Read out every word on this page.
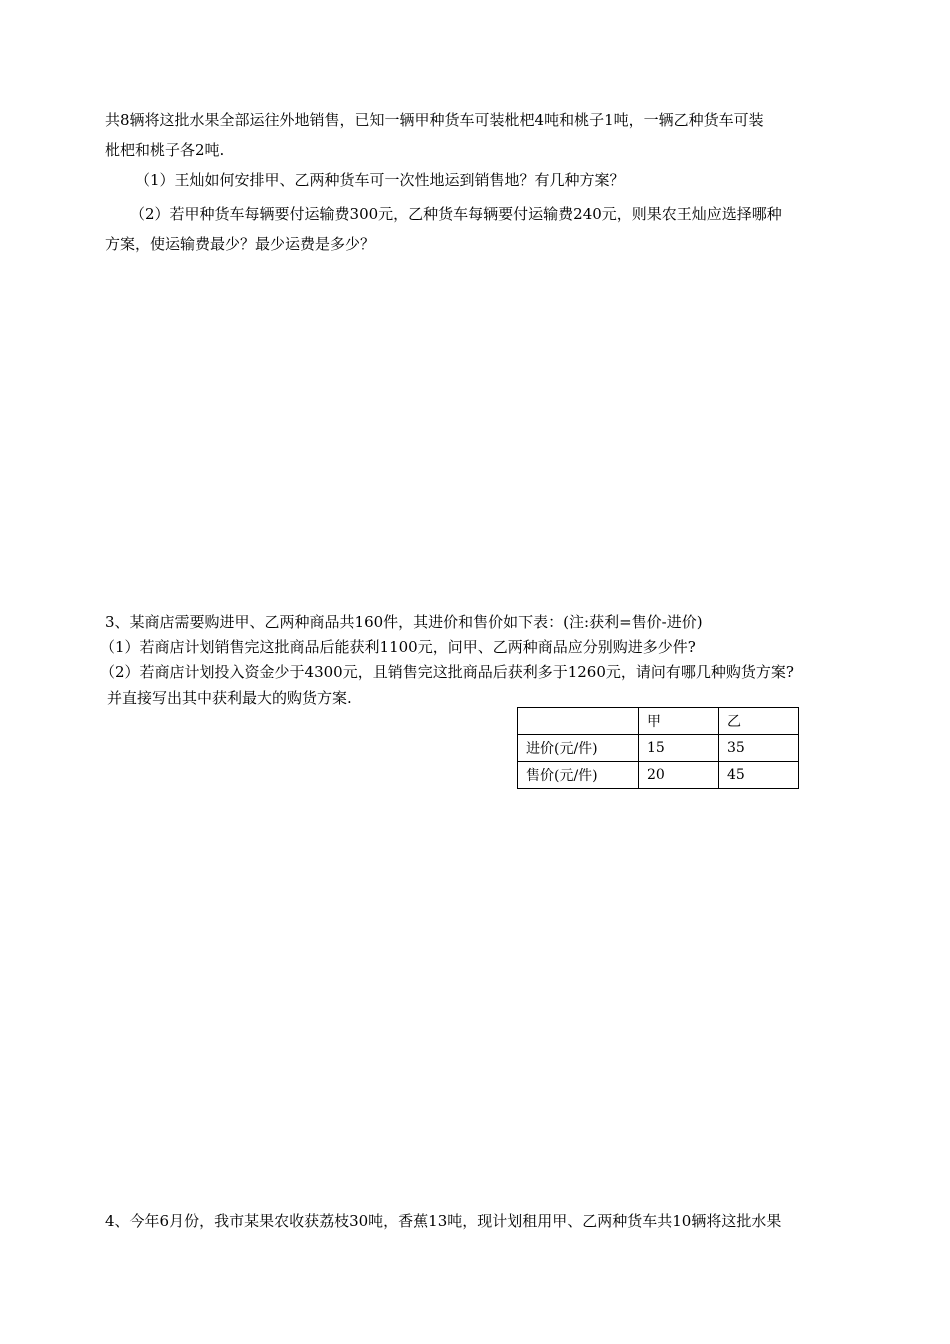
共8辆将这批水果全部运往外地销售，已知一辆甲种货车可装枇杷4吨和桃子1吨，一辆乙种货车可装
枇杷和桃子各2吨.
（1）王灿如何安排甲、乙两种货车可一次性地运到销售地？有几种方案？
（2）若甲种货车每辆要付运输费300元，乙种货车每辆要付运输费240元，则果农王灿应选择哪种
方案，使运输费最少？最少运费是多少？
3、某商店需要购进甲、乙两种商品共160件，其进价和售价如下表：(注:获利=售价-进价)
（1）若商店计划销售完这批商品后能获利1100元，问甲、乙两种商品应分别购进多少件?
（2）若商店计划投入资金少于4300元，且销售完这批商品后获利多于1260元，请问有哪几种购货方案?
并直接写出其中获利最大的购货方案.
	甲	乙
进价(元/件)	15	35
售价(元/件)	20	45
4、今年6月份，我市某果农收获荔枝30吨，香蕉13吨，现计划租用甲、乙两种货车共10辆将这批水果
